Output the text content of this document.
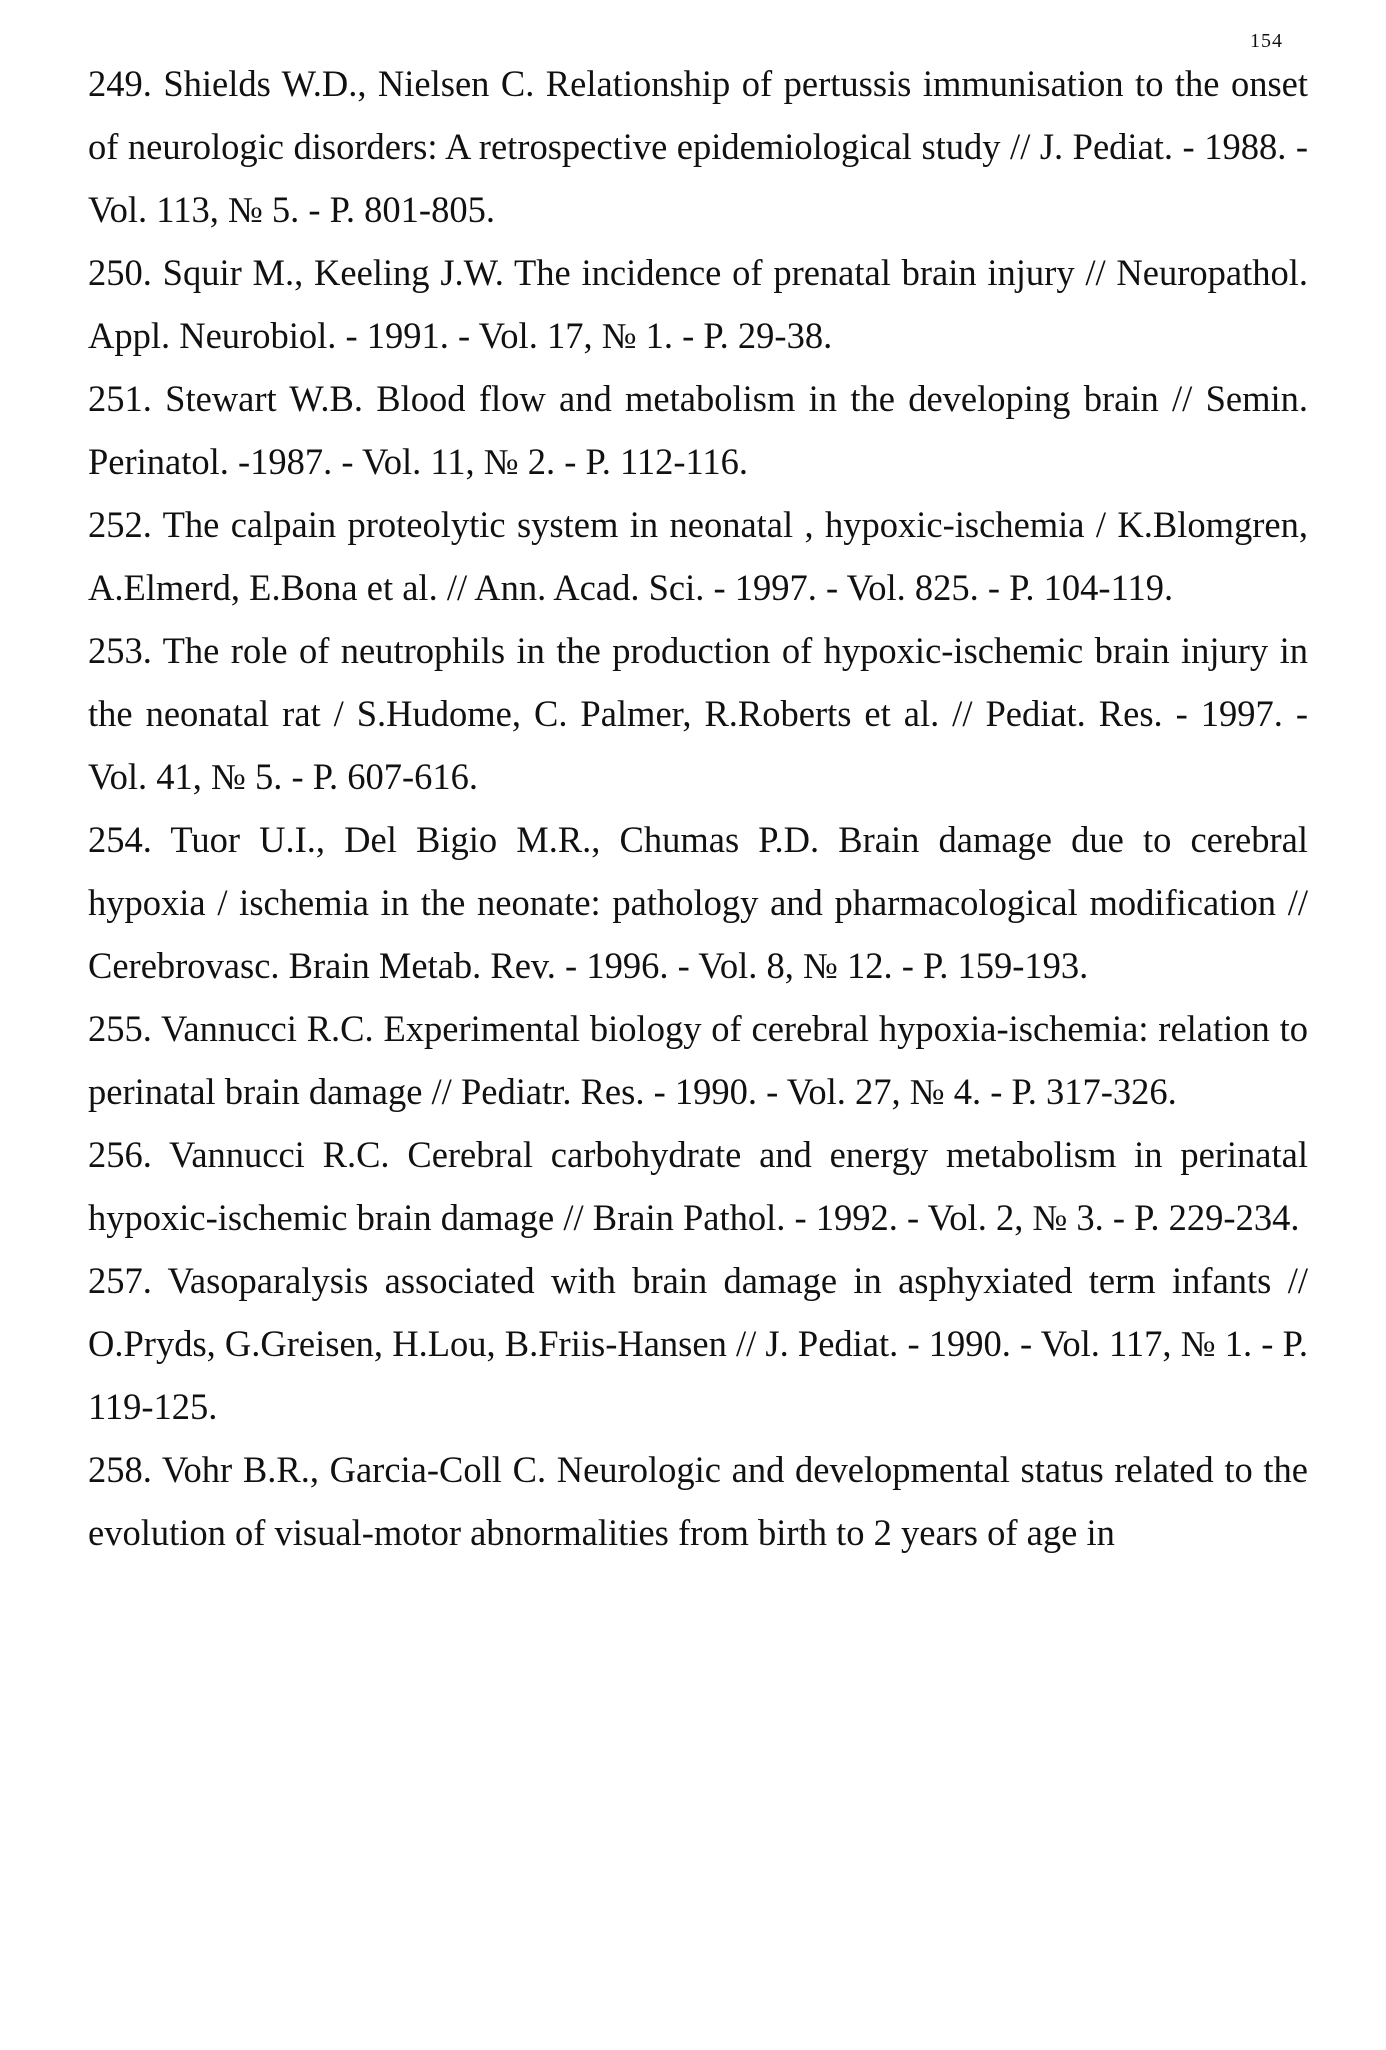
154

249. Shields W.D., Nielsen C. Relationship of pertussis immunisation to the onset of neurologic disorders: A retrospective epidemiological study // J. Pediat. - 1988. - Vol. 113, № 5. - P. 801-805.

250. Squir M., Keeling J.W. The incidence of prenatal brain injury // Neuropathol. Appl. Neurobiol. - 1991. - Vol. 17, № 1. - P. 29-38.

251. Stewart W.B. Blood flow and metabolism in the developing brain // Semin. Perinatol. -1987. - Vol. 11, № 2. - P. 112-116.

252. The calpain proteolytic system in neonatal , hypoxic-ischemia / K.Blomgren, A.Elmerd, E.Bona et al. // Ann. Acad. Sci. - 1997. - Vol. 825. - P. 104-119.

253. The role of neutrophils in the production of hypoxic-ischemic brain injury in the neonatal rat / S.Hudome, C. Palmer, R.Roberts et al. // Pediat. Res. - 1997. - Vol. 41, № 5. - P. 607-616.

254. Tuor U.I., Del Bigio M.R., Chumas P.D. Brain damage due to cerebral hypoxia / ischemia in the neonate: pathology and pharmacological modification // Cerebrovasc. Brain Metab. Rev. - 1996. - Vol. 8, № 12. - P. 159-193.

255. Vannucci R.C. Experimental biology of cerebral hypoxia-ischemia: relation to perinatal brain damage // Pediatr. Res. - 1990. - Vol. 27, № 4. - P. 317-326.

256. Vannucci R.C. Cerebral carbohydrate and energy metabolism in perinatal hypoxic-ischemic brain damage // Brain Pathol. - 1992. - Vol. 2, № 3. - P. 229-234.

257. Vasoparalysis associated with brain damage in asphyxiated term infants // O.Pryds, G.Greisen, H.Lou, B.Friis-Hansen // J. Pediat. - 1990. - Vol. 117, № 1. - P. 119-125.

258. Vohr B.R., Garcia-Coll C. Neurologic and developmental status related to the evolution of visual-motor abnormalities from birth to 2 years of age in
